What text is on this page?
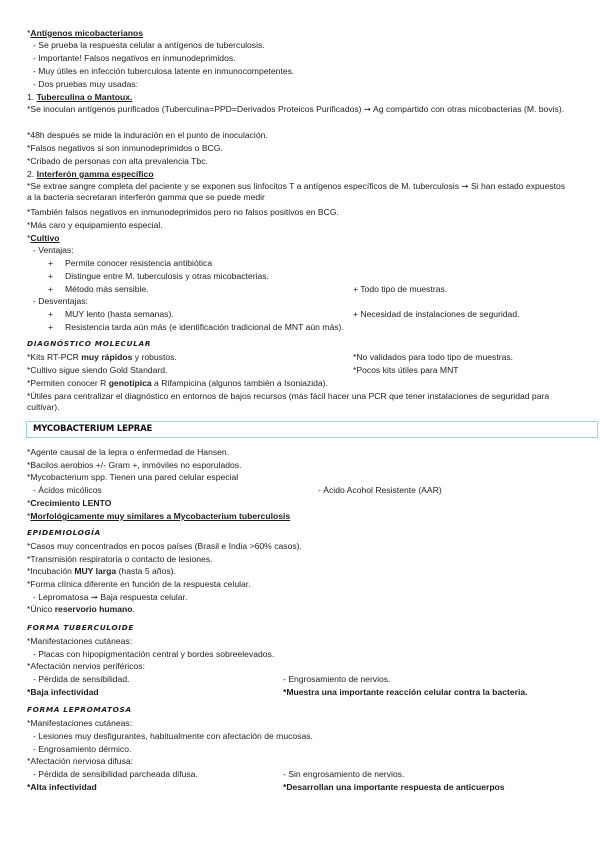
*Antígenos micobacterianos
- Se prueba la respuesta celular a antígenos de tuberculosis.
- Importante! Falsos negativos en inmunodeprimidos.
- Muy útiles en infección tuberculosa latente en inmunocompetentes.
- Dos pruebas muy usadas:
1. Tuberculina o Mantoux.
*Se inoculan antígenos purificados (Tuberculina=PPD=Derivados Proteicos Purificados) ➞ Ag compartido con otras micobacterias (M. bovis).
*48h después se mide la induración en el punto de inoculación.
*Falsos negativos si son inmunodeprimidos o BCG.
*Cribado de personas con alta prevalencia Tbc.
2. Interferón gamma específico
*Se extrae sangre completa del paciente y se exponen sus linfocitos T a antígenos específicos de M. tuberculosis ➞ Si han estado expuestos a la bacteria secretaran interferón gamma que se puede medir
*También falsos negativos en inmunodeprimidos pero no falsos positivos en BCG.
*Más caro y equipamiento especial.
*Cultivo
- Ventajas:
+ Permite conocer resistencia antibiótica
+ Distingue entre M. tuberculosis y otras micobacterias.
+ Método más sensible.	+ Todo tipo de muestras.
- Desventajas:
+ MUY lento (hasta semanas).	+ Necesidad de instalaciones de seguridad.
+ Resistencia tarda aún más (e identificación tradicional de MNT aún más).
DIAGNÓSTICO MOLECULAR
*Kits RT-PCR muy rápidos y robustos.	*No validados para todo tipo de muestras.
*Cultivo sigue siendo Gold Standard.	*Pocos kits útiles para MNT
*Permiten conocer R genotípica a Rifampicina (algunos también a Isoniazida).
*Útiles para centralizar el diagnóstico en entornos de bajos recursos (más fácil hacer una PCR que tener instalaciones de seguridad para cultivar).
MYCOBACTERIUM LEPRAE
*Agente causal de la lepra o enfermedad de Hansen.
*Bacilos aerobios +/- Gram +, inmóviles no esporulados.
*Mycobacterium spp. Tienen una pared celular especial
- Ácidos micólicos	- Ácido Acohol Resistente (AAR)
*Crecimiento LENTO
*Morfológicamente muy similares a Mycobacterium tuberculosis
EPIDEMIOLOGÍA
*Casos muy concentrados en pocos países (Brasil e India >60% casos).
*Transmisión respiratoria o contacto de lesiones.
*Incubación MUY larga (hasta 5 años).
*Forma clínica diferente en función de la respuesta celular.
- Lepromatosa ➞ Baja respuesta celular.
*Único reservorio humano.
FORMA TUBERCULOIDE
*Manifestaciones cutáneas:
- Placas con hipopigmentación central y bordes sobreelevados.
*Afectación nervios periféricos:
- Pérdida de sensibilidad.	- Engrosamiento de nervios.
*Baja infectividad	*Muestra una importante reacción celular contra la bacteria.
FORMA LEPROMATOSA
*Manifestaciones cutáneas:
- Lesiones muy desfigurantes, habitualmente con afectación de mucosas.
- Engrosamiento dérmico.
*Afectación nerviosa difusa:
- Pérdida de sensibilidad parcheada difusa.	- Sin engrosamiento de nervios.
*Alta infectividad	*Desarrollan una importante respuesta de anticuerpos
